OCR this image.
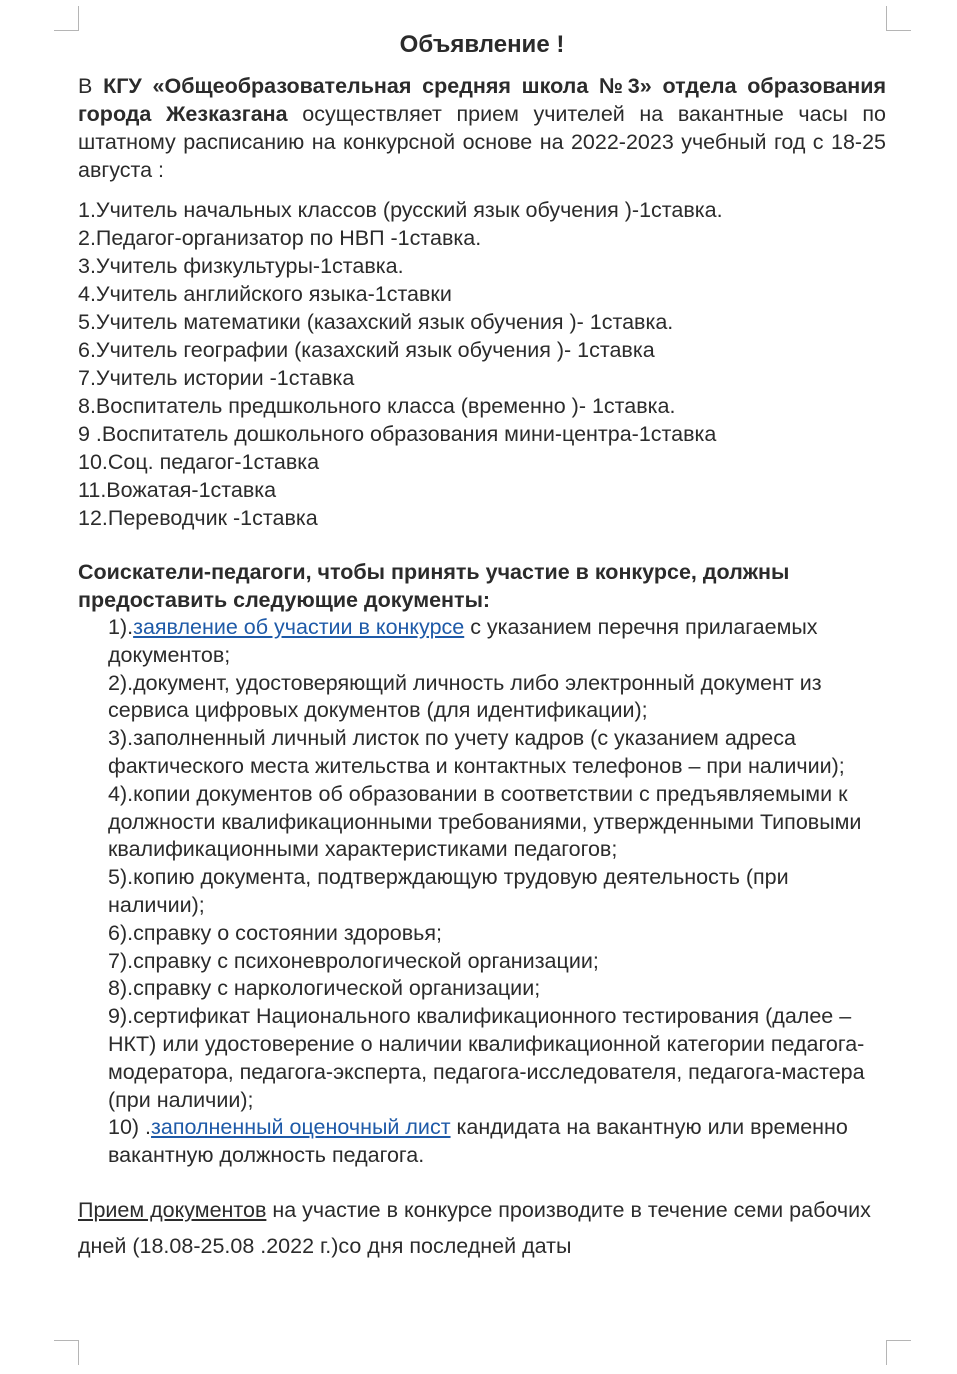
Объявление !

В КГУ «Общеобразовательная средняя школа №3» отдела образования города Жезказгана осуществляет прием учителей на вакантные часы по штатному расписанию на конкурсной основе на 2022-2023 учебный год с 18-25 августа :

1.Учитель начальных классов (русский язык обучения )-1ставка.
2.Педагог-организатор по НВП -1ставка.
3.Учитель физкультуры-1ставка.
4.Учитель английского языка-1ставки
5.Учитель математики (казахский язык обучения )- 1ставка.
6.Учитель географии (казахский язык обучения )- 1ставка
7.Учитель истории -1ставка
8.Воспитатель предшкольного класса (временно )- 1ставка.
9 .Воспитатель дошкольного образования мини-центра-1ставка
10.Соц. педагог-1ставка
11.Вожатая-1ставка
12.Переводчик -1ставка

Соискатели-педагоги, чтобы принять участие в конкурсе, должны предоставить следующие документы:

1).заявление об участии в конкурсе с указанием перечня прилагаемых документов;
2).документ, удостоверяющий личность либо электронный документ из сервиса цифровых документов (для идентификации);
3).заполненный личный листок по учету кадров (с указанием адреса фактического места жительства и контактных телефонов – при наличии);
4).копии документов об образовании в соответствии с предъявляемыми к должности квалификационными требованиями, утвержденными Типовыми квалификационными характеристиками педагогов;
5).копию документа, подтверждающую трудовую деятельность (при наличии);
6).справку о состоянии здоровья;
7).справку с психоневрологической организации;
8).справку с наркологической организации;
9).сертификат Национального квалификационного тестирования (далее – НКТ) или удостоверение о наличии квалификационной категории педагога-модератора, педагога-эксперта, педагога-исследователя, педагога-мастера (при наличии);
10) .заполненный оценочный лист кандидата на вакантную или временно вакантную должность педагога.

Прием документов на участие в конкурсе производите в течение семи рабочих дней (18.08-25.08 .2022 г.)со дня последней даты
